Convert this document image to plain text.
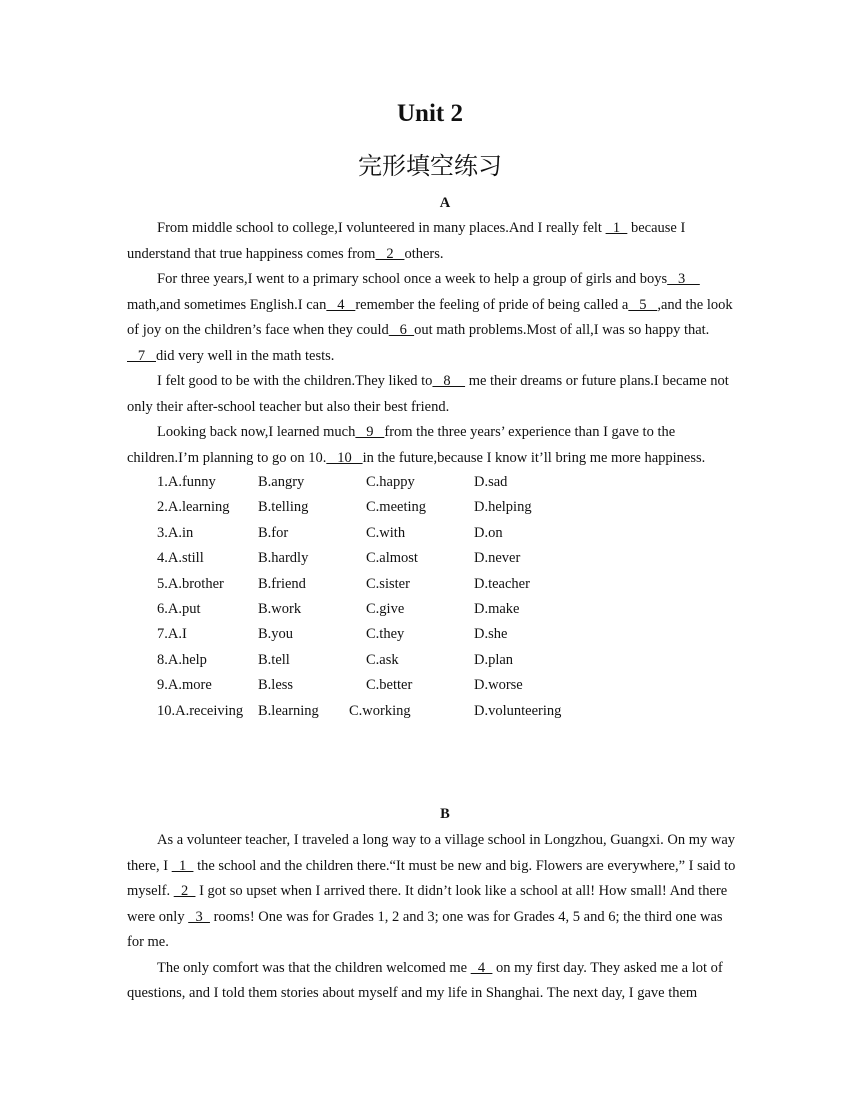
Unit 2
完形填空练习
A

From middle school to college,I volunteered in many places.And I really felt   1   because I understand that true happiness comes from   2   others.

For three years,I went to a primary school once a week to help a group of girls and boys   3     math,and sometimes English.I can   4   remember the feeling of pride of being called a   5   ,and the look of joy on the children’s face when they could   6  out math problems.Most of all,I was so happy that.   7   did very well in the math tests.

I felt good to be with the children.They liked to   8     me their dreams or future plans.I became not only their after-school teacher but also their best friend.

Looking back now,I learned much   9   from the three years’ experience than I gave to the children.I’m planning to go on 10.   10   in the future,because I know it’ll bring me more happiness.

1.A.funny	B.angry	C.happy	D.sad
2.A.learning B.telling	C.meeting	D.helping
3.A.in	B.for	C.with	D.on
4.A.still	B.hardly	C.almost	D.never
5.A.brother B.friend	C.sister	D.teacher
6.A.put	B.work	C.give	D.make
7.A.I	B.you	C.they	D.she
8.A.help	B.tell	C.ask	D.plan
9.A.more	B.less	C.better	D.worse
10.A.receiving B.learning C.working	D.volunteering
B

As a volunteer teacher, I traveled a long way to a village school in Longzhou, Guangxi. On my way there, I   1   the school and the children there.“It must be new and big. Flowers are everywhere,” I said to myself.   2   I got so upset when I arrived there. It didn’t look like a school at all! How small! And there were only   3   rooms! One was for Grades 1, 2 and 3; one was for Grades 4, 5 and 6; the third one was for me.

The only comfort was that the children welcomed me   4   on my first day. They asked me a lot of questions, and I told them stories about myself and my life in Shanghai. The next day, I gave them
